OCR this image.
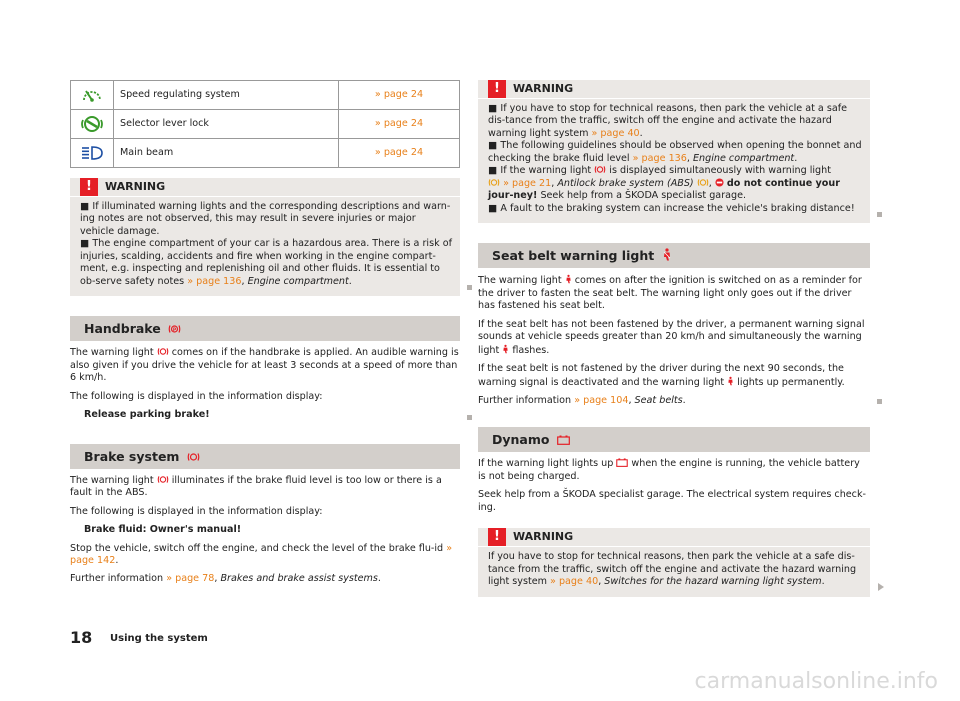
	Speed regulating system	» page 24
	Selector lever lock	» page 24
	Main beam	» page 24
!	WARNING

■ If illuminated warning lights and the corresponding descriptions and warn-ing notes are not observed, this may result in severe injuries or major vehicle damage.

■ The engine compartment of your car is a hazardous area. There is a risk of injuries, scalding, accidents and fire when working in the engine compart-ment, e.g. inspecting and replenishing oil and other fluids. It is essential to ob-serve safety notes » page 136, Engine compartment.

Handbrake	P

The warning light  comes on if the handbrake is applied. An audible warning is also given if you drive the vehicle for at least 3 seconds at a speed of more than 6 km/h.

The following is displayed in the information display:

Release parking brake!

Brake system

The warning light  illuminates if the brake fluid level is too low or there is a fault in the ABS.

The following is displayed in the information display:

Brake fluid: Owner's manual!

Stop the vehicle, switch off the engine, and check the level of the brake flu-id » page 142.

Further information » page 78, Brakes and brake assist systems.

!	WARNING

■ If you have to stop for technical reasons, then park the vehicle at a safe dis-tance from the traffic, switch off the engine and activate the hazard warning light system » page 40.

■ The following guidelines should be observed when opening the bonnet and checking the brake fluid level » page 136, Engine compartment.

■ If the warning light  is displayed simultaneously with warning light
» page 21, Antilock brake system (ABS) ,  do not continue your jour-ney! Seek help from a ŠKODA specialist garage.

■ A fault to the braking system can increase the vehicle's braking distance!

Seat belt warning light

The warning light  comes on after the ignition is switched on as a reminder for the driver to fasten the seat belt. The warning light only goes out if the driver has fastened his seat belt.

If the seat belt has not been fastened by the driver, a permanent warning signal sounds at vehicle speeds greater than 20 km/h and simultaneously the warning light  flashes.

If the seat belt is not fastened by the driver during the next 90 seconds, the warning signal is deactivated and the warning light  lights up permanently.

Further information » page 104, Seat belts.

Dynamo

If the warning light lights up  when the engine is running, the vehicle battery is not being charged.

Seek help from a ŠKODA specialist garage. The electrical system requires check-ing.

!	WARNING

If you have to stop for technical reasons, then park the vehicle at a safe dis-tance from the traffic, switch off the engine and activate the hazard warning light system » page 40, Switches for the hazard warning light system.

18 Using the system
carmanualsonline.info
